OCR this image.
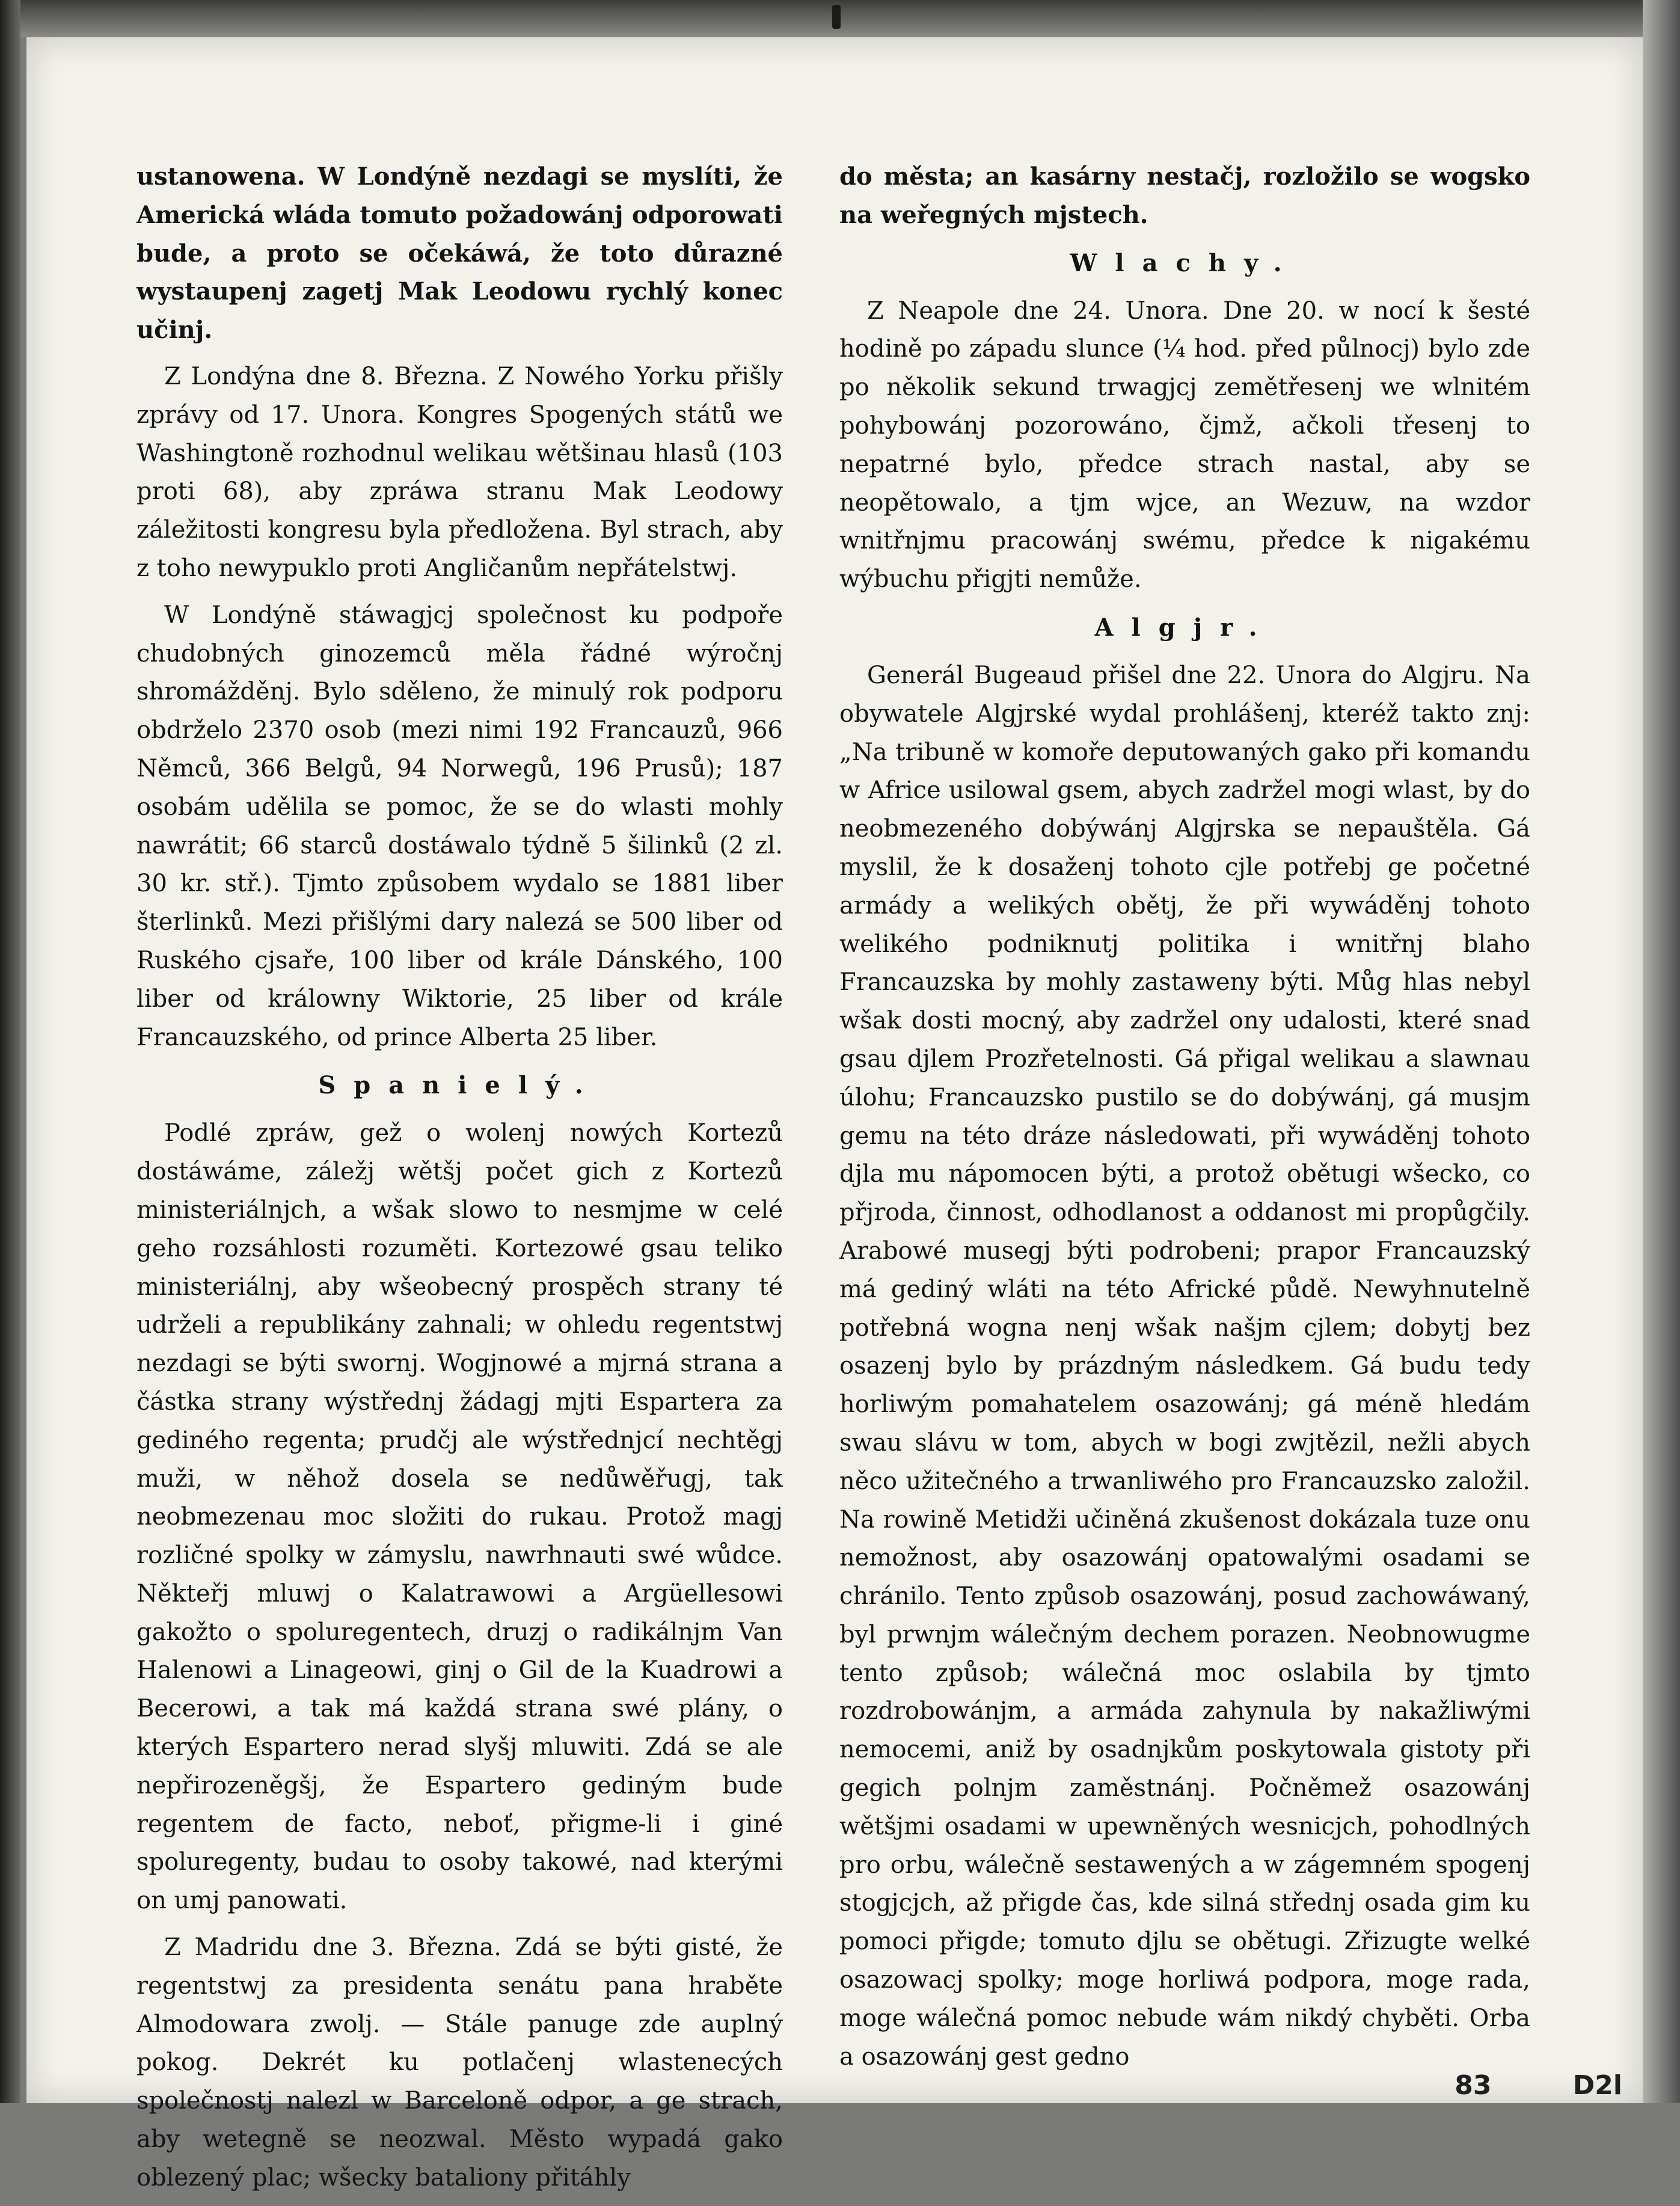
ustanowena. W Londýně nezdagi se myslíti, že Americká wláda tomuto požadowánj odporowati bude, a proto se očekáwá, že toto důrazné wystaupenj zagetj Mak Leodowu rychlý konec učinj.

Z Londýna dne 8. Března. Z Nowého Yorku přišly zprávy od 17. Unora. Kongres Spogených států we Washingtoně rozhodnul welikau wětšinau hlasů (103 proti 68), aby zpráwa stranu Mak Leodowy záležitosti kongresu byla předložena. Byl strach, aby z toho newypuklo proti Angličanům nepřátelstwj.

W Londýně stáwagjcj společnost ku podpoře chudobných ginozemců měla řádné wýročnj shromážděnj. Bylo sděleno, že minulý rok podporu obdrželo 2370 osob (mezi nimi 192 Francauzů, 966 Němců, 366 Belgů, 94 Norwegů, 196 Prusů); 187 osobám udělila se pomoc, že se do wlasti mohly nawrátit; 66 starců dostáwalo týdně 5 šilinků (2 zl. 30 kr. stř.). Tjmto způsobem wydalo se 1881 liber šterlinků. Mezi přišlými dary nalezá se 500 liber od Ruského cjsaře, 100 liber od krále Dánského, 100 liber od králowny Wiktorie, 25 liber od krále Francauzského, od prince Alberta 25 liber.

Spanielý.

Podlé zpráw, gež o wolenj nowých Kortezů dostáwáme, záležj wětšj počet gich z Kortezů ministeriálnjch, a wšak slowo to nesmjme w celé geho rozsáhlosti rozuměti. Kortezowé gsau teliko ministeriálnj, aby wšeobecný prospěch strany té udrželi a republikány zahnali; w ohledu regentstwj nezdagi se býti swornj. Wogjnowé a mjrná strana a částka strany wýstřednj žádagj mjti Espartera za gediného regenta; prudčj ale wýstřednjcí nechtěgj muži, w něhož dosela se nedůwěřugj, tak neobmezenau moc složiti do rukau. Protož magj rozličné spolky w zámyslu, nawrhnauti swé wůdce. Někteřj mluwj o Kalatrawowi a Argüellesowi gakožto o spoluregentech, druzj o radikálnjm Van Halenowi a Linageowi, ginj o Gil de la Kuadrowi a Becerowi, a tak má každá strana swé plány, o kterých Espartero nerad slyšj mluwiti. Zdá se ale nepřirozeněgšj, že Espartero gediným bude regentem de facto, neboť, přigme-li i giné spoluregenty, budau to osoby takowé, nad kterými on umj panowati.

Z Madridu dne 3. Března. Zdá se býti gisté, že regentstwj za presidenta senátu pana hraběte Almodowara zwolj. — Stále panuge zde auplný pokog. Dekrét ku potlačenj wlastenecých společnostj nalezl w Barceloně odpor, a ge strach, aby wetegně se neozwal. Město wypadá gako oblezený plac; wšecky bataliony přitáhly

do města; an kasárny nestačj, rozložilo se wogsko na weřegných mjstech.

Wlachy.

Z Neapole dne 24. Unora. Dne 20. w nocí k šesté hodině po západu slunce (¼ hod. před půlnocj) bylo zde po několik sekund trwagjcj zemětřesenj we wlnitém pohybowánj pozorowáno, čjmž, ačkoli třesenj to nepatrné bylo, předce strach nastal, aby se neopětowalo, a tjm wjce, an Wezuw, na wzdor wnitřnjmu pracowánj swému, předce k nigakému wýbuchu přigjti nemůže.

Algjr.

Generál Bugeaud přišel dne 22. Unora do Algjru. Na obywatele Algjrské wydal prohlášenj, kteréž takto znj: „Na tribuně w komoře deputowaných gako při komandu w Africe usilowal gsem, abych zadržel mogi wlast, by do neobmezeného dobýwánj Algjrska se nepauštěla. Gá myslil, že k dosaženj tohoto cjle potřebj ge početné armády a welikých obětj, že při wywáděnj tohoto welikého podniknutj politika i wnitřnj blaho Francauzska by mohly zastaweny býti. Můg hlas nebyl wšak dosti mocný, aby zadržel ony udalosti, které snad gsau djlem Prozřetelnosti. Gá přigal welikau a slawnau úlohu; Francauzsko pustilo se do dobýwánj, gá musjm gemu na této dráze následowati, při wywáděnj tohoto djla mu nápomocen býti, a protož obětugi wšecko, co přjroda, činnost, odhodlanost a oddanost mi propůgčily. Arabowé musegj býti podrobeni; prapor Francauzský má gediný wláti na této Africké půdě. Newyhnutelně potřebná wogna nenj wšak našjm cjlem; dobytj bez osazenj bylo by prázdným následkem. Gá budu tedy horliwým pomahatelem osazowánj; gá méně hledám swau slávu w tom, abych w bogi zwjtězil, nežli abych něco užitečného a trwanliwého pro Francauzsko založil. Na rowině Metidži učiněná zkušenost dokázala tuze onu nemožnost, aby osazowánj opatowalými osadami se chránilo. Tento způsob osazowánj, posud zachowáwaný, byl prwnjm wálečným dechem porazen. Neobnowugme tento způsob; wálečná moc oslabila by tjmto rozdrobowánjm, a armáda zahynula by nakažliwými nemocemi, aniž by osadnjkům poskytowala gistoty při gegich polnjm zaměstnánj. Počněmež osazowánj wětšjmi osadami w upewněných wesnicjch, pohodlných pro orbu, wálečně sestawených a w zágemném spogenj stogjcjch, až přigde čas, kde silná střednj osada gim ku pomoci přigde; tomuto djlu se obětugi. Zřizugte welké osazowacj spolky; moge horliwá podpora, moge rada, moge wálečná pomoc nebude wám nikdý chyběti. Orba a osazowánj gest gedno

83	D2l
